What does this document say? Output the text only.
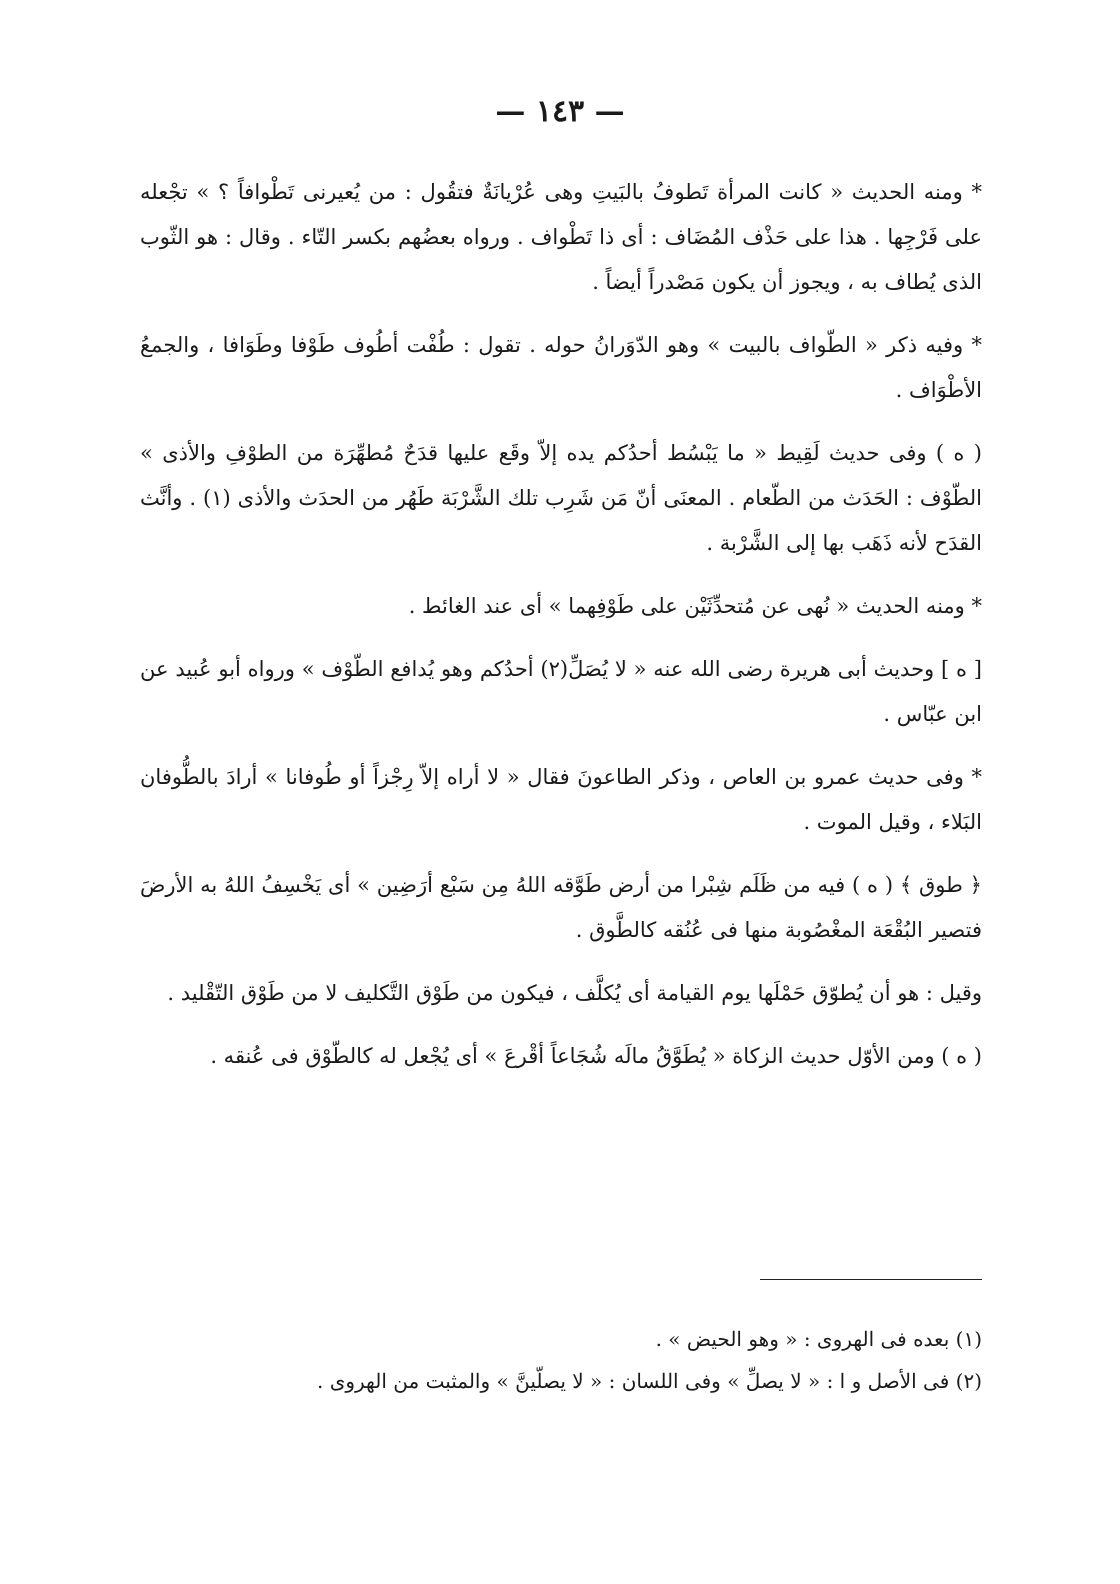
— ١٤٣ —

* ومنه الحديث « كانت المرأة تَطوفُ بالبَيتِ وهى عُرْيانَةٌ فتقُول : من يُعيرنى تَطْوافاً ؟ » تجْعله على فَرْجِها . هذا على حَذْف المُضَاف : أى ذا تَطْواف . ورواه بعضُهم بكسر التّاء . وقال : هو الثّوب الذى يُطاف به ، ويجوز أن يكون مَصْدراً أيضاً .

* وفيه ذكر « الطّواف بالبيت » وهو الدّوَرانُ حوله . تقول : طُفْت أطُوف طَوْفا وطَوَافا ، والجمعُ الأطْوَاف .

( ه ) وفى حديث لَقِيط « ما يَبْسُط أحدُكم يده إلاّ وقَع عليها قدَحٌ مُطهِّرَة من الطوْفِ والأذى » الطّوْف : الحَدَث من الطّعام . المعنَى أنّ مَن شَرِب تلك الشَّرْبَة طَهُر من الحدَث والأذى (١) . وأنَّث القدَح لأنه ذَهَب بها إلى الشَّرْبة .

* ومنه الحديث « نُهى عن مُتحدِّثَيْن على طَوْفِهما » أى عند الغائط .

[ ه ] وحديث أبى هريرة رضى الله عنه « لا يُصَلِّ(٢) أحدُكم وهو يُدافع الطّوْف » ورواه أبو عُبيد عن ابن عبّاس .

* وفى حديث عمرو بن العاص ، وذكر الطاعونَ فقال « لا أراه إلاّ رِجْزاً أو طُوفانا » أرادَ بالطُّوفان البَلاء ، وقيل الموت .

﴿ طوق ﴾ ( ه ) فيه من ظَلَم شِبْرا من أرض طَوَّقه اللهُ مِن سَبْع أرَضِين » أى يَخْسِفُ اللهُ به الأرضَ فتصير البُقْعَة المغْصُوبة منها فى عُنُقه كالطَّوق .

وقيل : هو أن يُطوّق حَمْلَها يوم القيامة أى يُكلَّف ، فيكون من طَوْق التَّكليف لا من طَوْق التّقْليد .

( ه ) ومن الأوّل حديث الزكاة « يُطَوَّقُ مالَه شُجَاعاً أقْرعَ » أى يُجْعل له كالطّوْق فى عُنقه .

(١) بعده فى الهروى : « وهو الحيض » .

(٢) فى الأصل و ا : « لا يصلِّ » وفى اللسان : « لا يصلّينَّ » والمثبت من الهروى .
